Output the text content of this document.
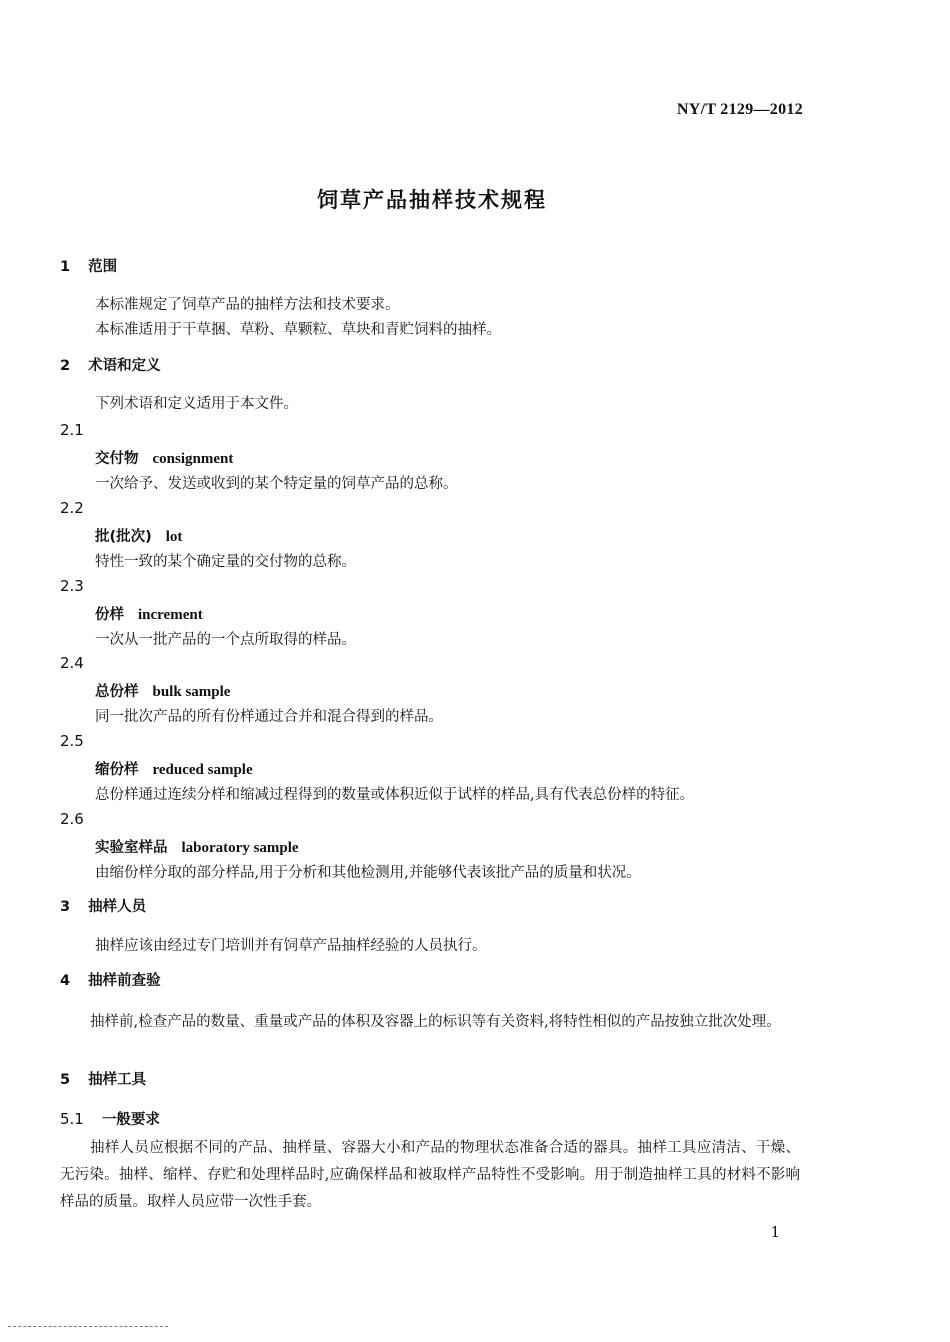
NY/T 2129—2012
饲草产品抽样技术规程
1 范围
本标准规定了饲草产品的抽样方法和技术要求。
本标准适用于干草捆、草粉、草颗粒、草块和青贮饲料的抽样。
2 术语和定义
下列术语和定义适用于本文件。
2.1
交付物 consignment
一次给予、发送或收到的某个特定量的饲草产品的总称。
2.2
批(批次) lot
特性一致的某个确定量的交付物的总称。
2.3
份样 increment
一次从一批产品的一个点所取得的样品。
2.4
总份样 bulk sample
同一批次产品的所有份样通过合并和混合得到的样品。
2.5
缩份样 reduced sample
总份样通过连续分样和缩减过程得到的数量或体积近似于试样的样品,具有代表总份样的特征。
2.6
实验室样品 laboratory sample
由缩份样分取的部分样品,用于分析和其他检测用,并能够代表该批产品的质量和状况。
3 抽样人员
抽样应该由经过专门培训并有饲草产品抽样经验的人员执行。
4 抽样前查验
抽样前,检查产品的数量、重量或产品的体积及容器上的标识等有关资料,将特性相似的产品按独立批次处理。
5 抽样工具
5.1 一般要求
抽样人员应根据不同的产品、抽样量、容器大小和产品的物理状态准备合适的器具。抽样工具应清洁、干燥、无污染。抽样、缩样、存贮和处理样品时,应确保样品和被取样产品特性不受影响。用于制造抽样工具的材料不影响样品的质量。取样人员应带一次性手套。
1
